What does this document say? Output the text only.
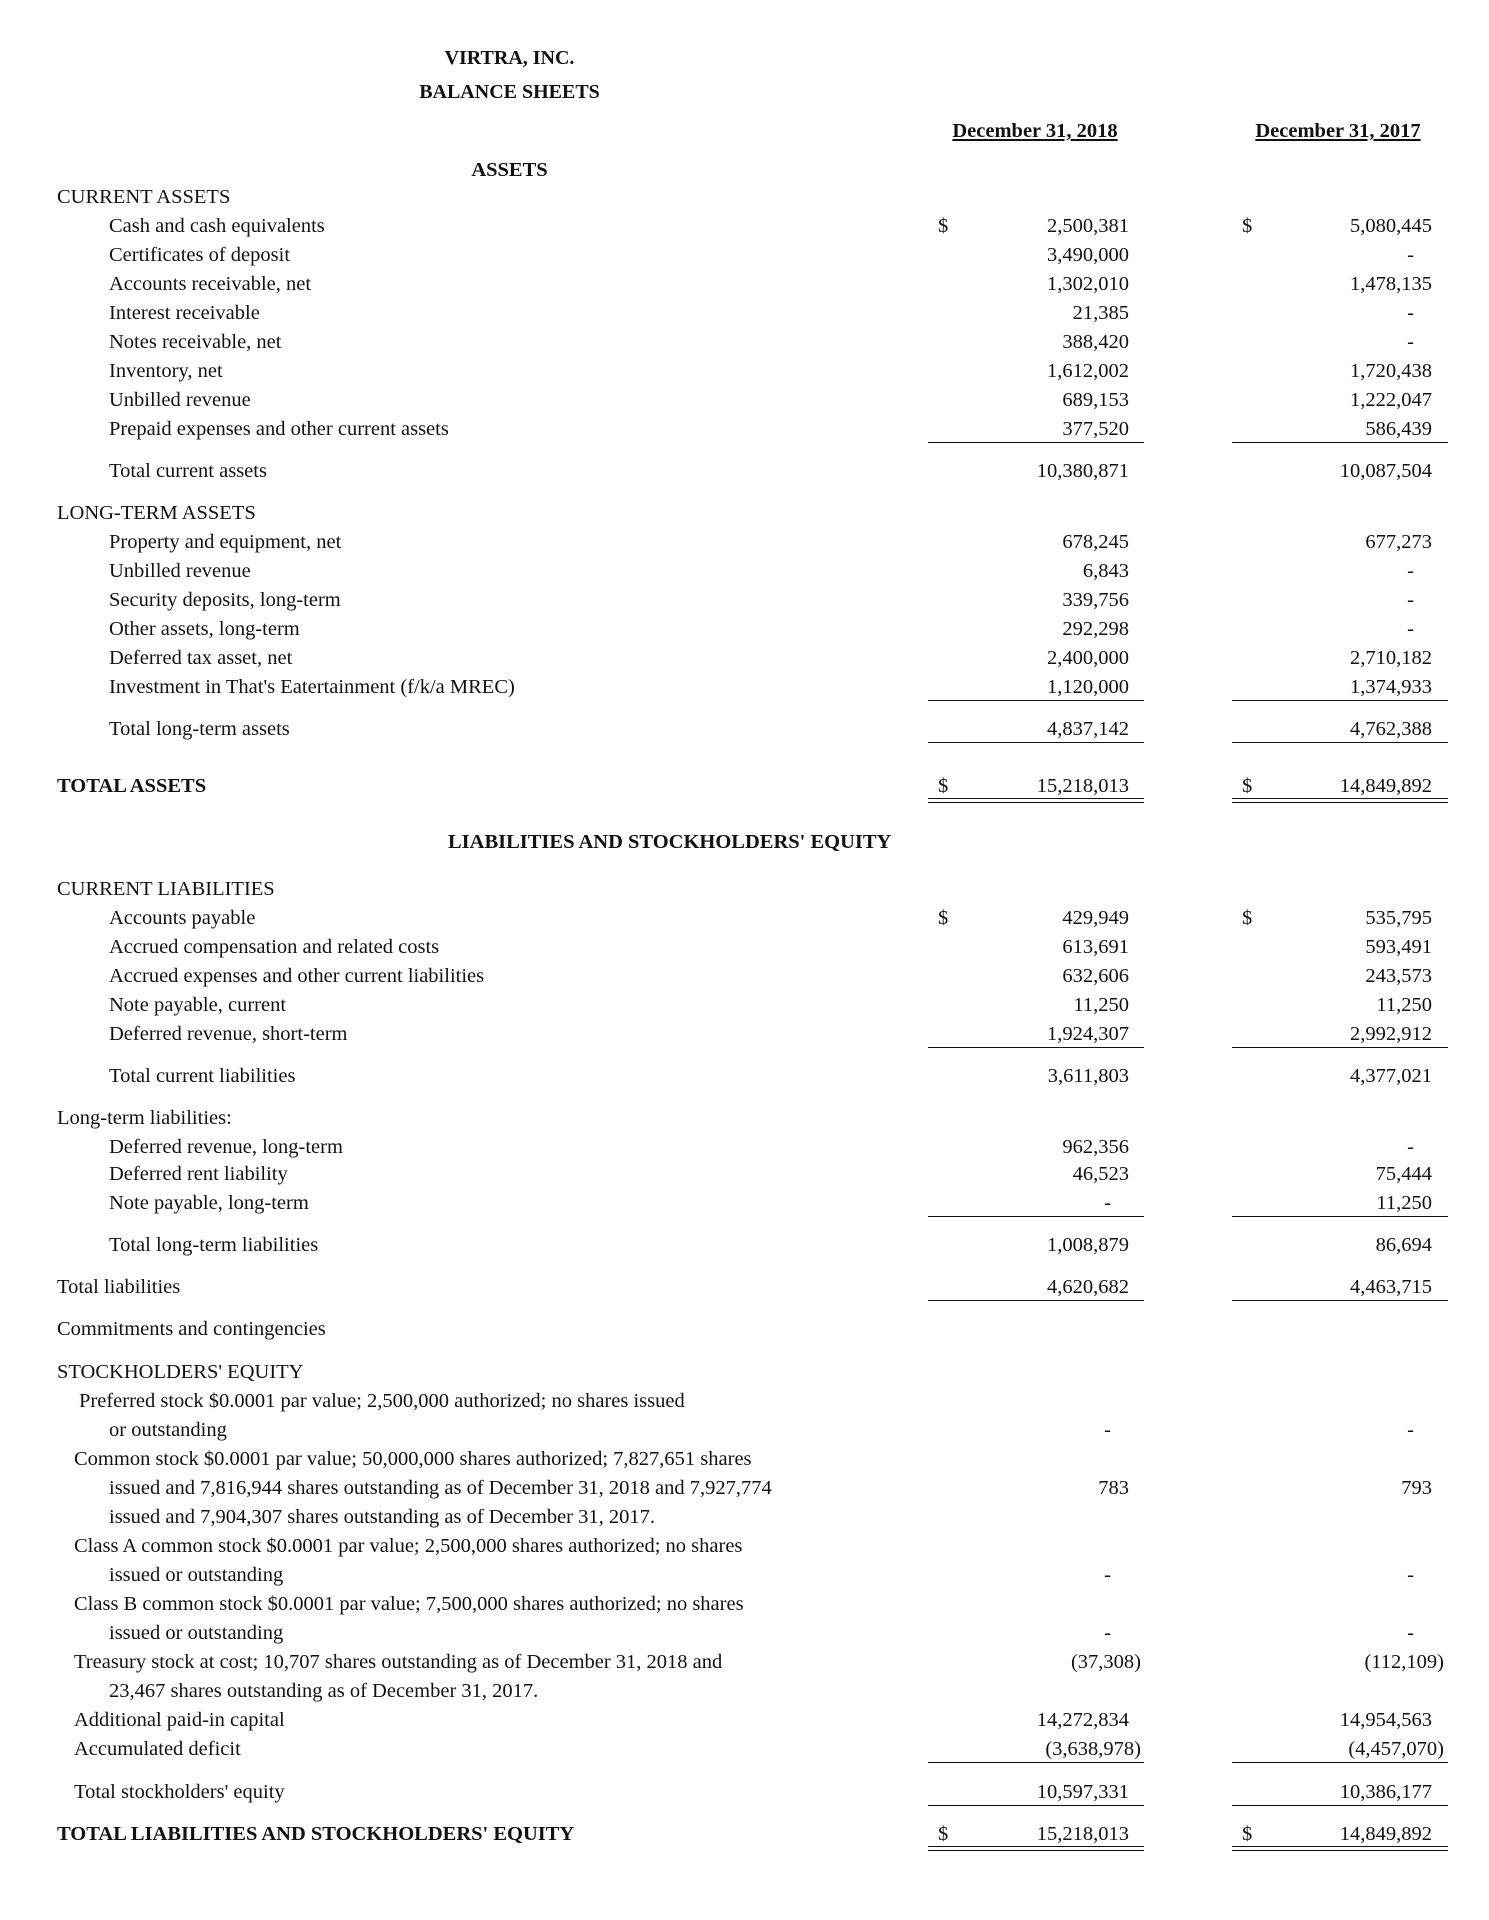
VIRTRA, INC.
BALANCE SHEETS
December 31, 2018	December 31, 2017
ASSETS
CURRENT ASSETS
Cash and cash equivalents	$	2,500,381	$	5,080,445
Certificates of deposit	3,490,000	-
Accounts receivable, net	1,302,010	1,478,135
Interest receivable	21,385	-
Notes receivable, net	388,420	-
Inventory, net	1,612,002	1,720,438
Unbilled revenue	689,153	1,222,047
Prepaid expenses and other current assets	377,520	586,439
Total current assets	10,380,871	10,087,504
LONG-TERM ASSETS
Property and equipment, net	678,245	677,273
Unbilled revenue	6,843	-
Security deposits, long-term	339,756	-
Other assets, long-term	292,298	-
Deferred tax asset, net	2,400,000	2,710,182
Investment in That's Eatertainment (f/k/a MREC)	1,120,000	1,374,933
Total long-term assets	4,837,142	4,762,388
TOTAL ASSETS	$	15,218,013	$	14,849,892
LIABILITIES AND STOCKHOLDERS' EQUITY
CURRENT LIABILITIES
Accounts payable	$	429,949	$	535,795
Accrued compensation and related costs	613,691	593,491
Accrued expenses and other current liabilities	632,606	243,573
Note payable, current	11,250	11,250
Deferred revenue, short-term	1,924,307	2,992,912
Total current liabilities	3,611,803	4,377,021
Long-term liabilities:
Deferred revenue, long-term	962,356	-
Deferred rent liability	46,523	75,444
Note payable, long-term	-	11,250
Total long-term liabilities	1,008,879	86,694
Total liabilities	4,620,682	4,463,715
Commitments and contingencies
STOCKHOLDERS' EQUITY
Preferred stock $0.0001 par value; 2,500,000 authorized; no shares issued
or outstanding	-	-
Common stock $0.0001 par value; 50,000,000 shares authorized; 7,827,651 shares
issued and 7,816,944 shares outstanding as of December 31, 2018 and 7,927,774	783	793
issued and 7,904,307 shares outstanding as of December 31, 2017.
Class A common stock $0.0001 par value; 2,500,000 shares authorized; no shares
issued or outstanding	-	-
Class B common stock $0.0001 par value; 7,500,000 shares authorized; no shares
issued or outstanding	-	-
Treasury stock at cost; 10,707 shares outstanding as of December 31, 2018 and	(37,308)	(112,109)
23,467 shares outstanding as of December 31, 2017.
Additional paid-in capital	14,272,834	14,954,563
Accumulated deficit	(3,638,978)	(4,457,070)
Total stockholders' equity	10,597,331	10,386,177
TOTAL LIABILITIES AND STOCKHOLDERS' EQUITY	$	15,218,013	$	14,849,892
